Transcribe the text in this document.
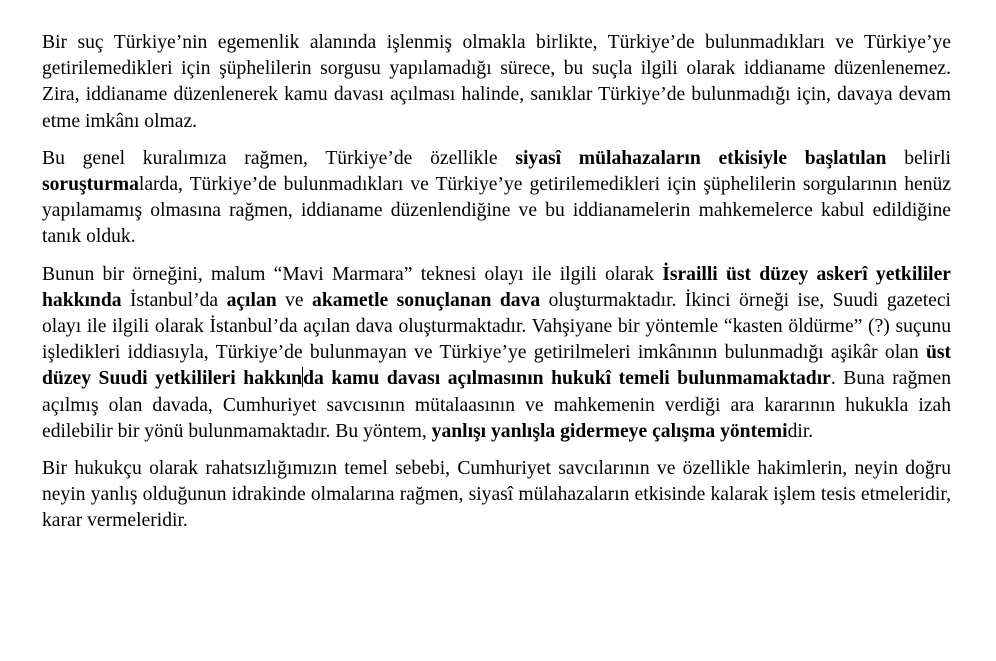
Bir suç Türkiye’nin egemenlik alanında işlenmiş olmakla birlikte, Türkiye’de bulunmadıkları ve Türkiye’ye getirilemedikleri için şüphelilerin sorgusu yapılamadığı sürece, bu suçla ilgili olarak iddianame düzenlenemez. Zira, iddianame düzenlenerek kamu davası açılması halinde, sanıklar Türkiye’de bulunmadığı için, davaya devam etme imkânı olmaz.

Bu genel kuralımıza rağmen, Türkiye’de özellikle siyasî mülahazaların etkisiyle başlatılan belirli soruşturmalarda, Türkiye’de bulunmadıkları ve Türkiye’ye getirilemedikleri için şüphelilerin sorgularının henüz yapılamamış olmasına rağmen, iddianame düzenlendiğine ve bu iddianamelerin mahkemelerce kabul edildiğine tanık olduk.

Bunun bir örneğini, malum “Mavi Marmara” teknesi olayı ile ilgili olarak İsrailli üst düzey askerî yetkililer hakkında İstanbul’da açılan ve akametle sonuçlanan dava oluşturmaktadır. İkinci örneği ise, Suudi gazeteci olayı ile ilgili olarak İstanbul’da açılan dava oluşturmaktadır. Vahşiyane bir yöntemle “kasten öldürme” (?) suçunu işledikleri iddiasıyla, Türkiye’de bulunmayan ve Türkiye’ye getirilmeleri imkânının bulunmadığı aşikâr olan üst düzey Suudi yetkilileri hakkında kamu davası açılmasının hukukî temeli bulunmamaktadır. Buna rağmen açılmış olan davada, Cumhuriyet savcısının mütalaasının ve mahkemenin verdiği ara kararının hukukla izah edilebilir bir yönü bulunmamaktadır. Bu yöntem, yanlışı yanlışla gidermeye çalışma yöntemidir.

Bir hukukçu olarak rahatsızlığımızın temel sebebi, Cumhuriyet savcılarının ve özellikle hakimlerin, neyin doğru neyin yanlış olduğunun idrakinde olmalarına rağmen, siyasî mülahazaların etkisinde kalarak işlem tesis etmeleridir, karar vermeleridir.
